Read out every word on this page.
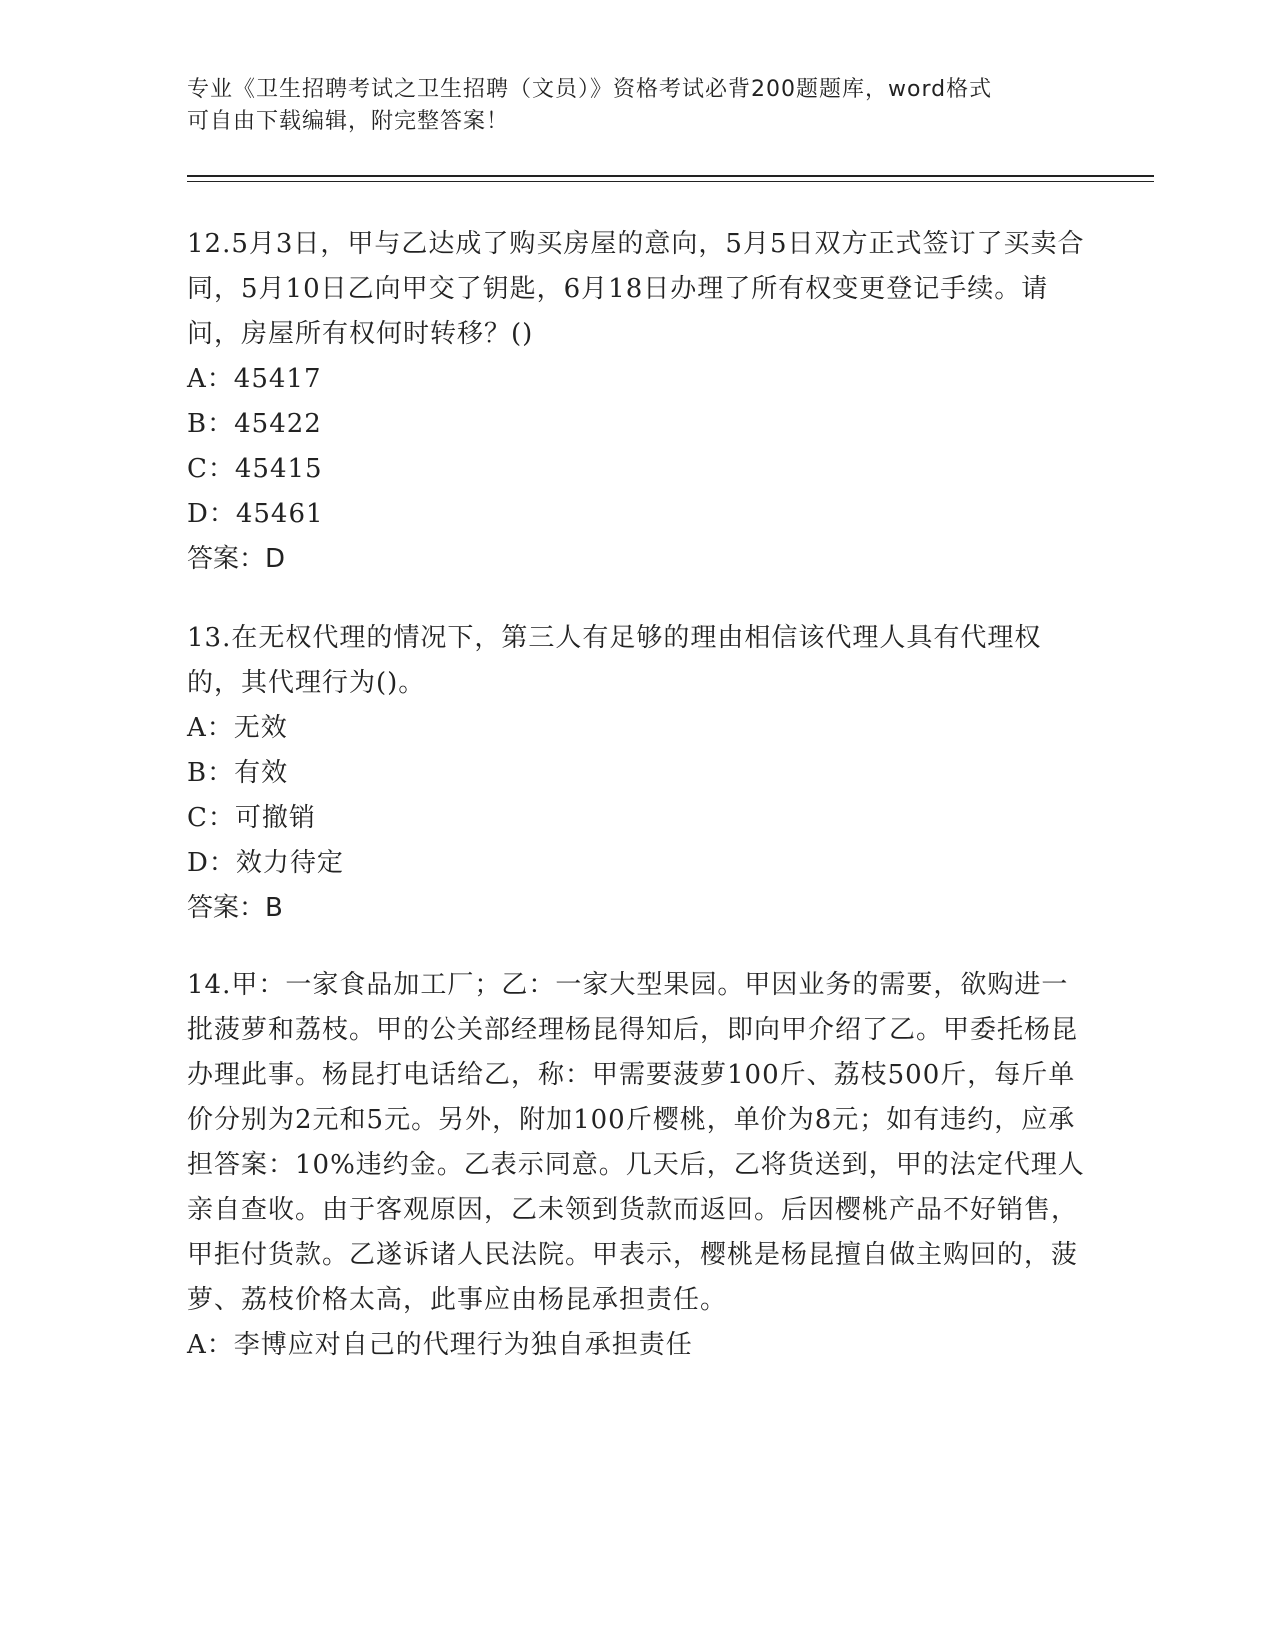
专业《卫生招聘考试之卫生招聘（文员）》资格考试必背200题题库，word格式
可自由下载编辑，附完整答案！

12.5月3日，甲与乙达成了购买房屋的意向，5月5日双方正式签订了买卖合同，5月10日乙向甲交了钥匙，6月18日办理了所有权变更登记手续。请问，房屋所有权何时转移？()

A：45417

B：45422

C：45415

D：45461

答案：D

13.在无权代理的情况下，第三人有足够的理由相信该代理人具有代理权的，其代理行为()。

A：无效

B：有效

C：可撤销

D：效力待定

答案：B

14.甲：一家食品加工厂；乙：一家大型果园。甲因业务的需要，欲购进一批菠萝和荔枝。甲的公关部经理杨昆得知后，即向甲介绍了乙。甲委托杨昆办理此事。杨昆打电话给乙，称：甲需要菠萝100斤、荔枝500斤，每斤单价分别为2元和5元。另外，附加100斤樱桃，单价为8元；如有违约，应承担答案：10%违约金。乙表示同意。几天后，乙将货送到，甲的法定代理人亲自查收。由于客观原因，乙未领到货款而返回。后因樱桃产品不好销售，甲拒付货款。乙遂诉诸人民法院。甲表示，樱桃是杨昆擅自做主购回的，菠萝、荔枝价格太高，此事应由杨昆承担责任。

A：李博应对自己的代理行为独自承担责任
